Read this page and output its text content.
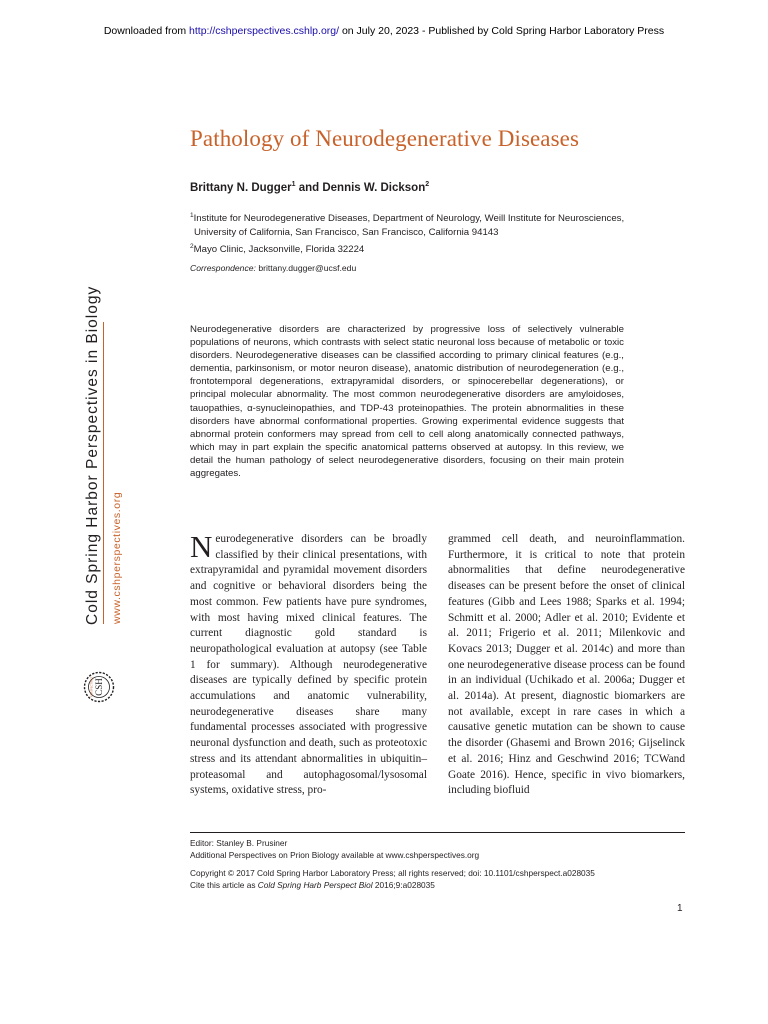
Downloaded from http://cshperspectives.cshlp.org/ on July 20, 2023 - Published by Cold Spring Harbor Laboratory Press
Cold Spring Harbor Perspectives in Biology www.cshperspectives.org
CSH
PERSPECTIVES
Pathology of Neurodegenerative Diseases
Brittany N. Dugger$^1$ and Dennis W. Dickson$^2$
$^1$Institute for Neurodegenerative Diseases, Department of Neurology, Weill Institute for Neurosciences,
University of California, San Francisco, San Francisco, California 94143
$^2$Mayo Clinic, Jacksonville, Florida 32224
Correspondence: brittany.dugger@ucsf.edu
Neurodegenerative disorders are characterized by progressive loss of selectively vulnerable populations of neurons, which contrasts with select static neuronal loss because of metabolic or toxic disorders. Neurodegenerative diseases can be classified according to primary clinical features (e.g., dementia, parkinsonism, or motor neuron disease), anatomic distribution of neurodegeneration (e.g., frontotemporal degenerations, extrapyramidal disorders, or spinocerebellar degenerations), or principal molecular abnormality. The most common neurodegenerative disorders are amyloidoses, tauopathies, α-synucleinopathies, and TDP-43 proteinopathies. The protein abnormalities in these disorders have abnormal conformational properties. Growing experimental evidence suggests that abnormal protein conformers may spread from cell to cell along anatomically connected pathways, which may in part explain the specific anatomical patterns observed at autopsy. In this review, we detail the human pathology of select neurodegenerative disorders, focusing on their main protein aggregates.
Neurodegenerative disorders can be broadly classified by their clinical presentations, with extrapyramidal and pyramidal movement disorders and cognitive or behavioral disorders being the most common. Few patients have pure syndromes, with most having mixed clinical features. The current diagnostic gold standard is neuropathological evaluation at autopsy (see Table 1 for summary). Although neurodegenerative diseases are typically defined by specific protein accumulations and anatomic vulnerability, neurodegenerative diseases share many fundamental processes associated with progressive neuronal dysfunction and death, such as proteotoxic stress and its attendant abnormalities in ubiquitin–proteasomal and autophagosomal/lysosomal systems, oxidative stress, pro-
grammed cell death, and neuroinflammation. Furthermore, it is critical to note that protein abnormalities that define neurodegenerative diseases can be present before the onset of clinical features (Gibb and Lees 1988; Sparks et al. 1994; Schmitt et al. 2000; Adler et al. 2010; Evidente et al. 2011; Frigerio et al. 2011; Milenkovic and Kovacs 2013; Dugger et al. 2014c) and more than one neurodegenerative disease process can be found in an individual (Uchikado et al. 2006a; Dugger et al. 2014a). At present, diagnostic biomarkers are not available, except in rare cases in which a causative genetic mutation can be shown to cause the disorder (Ghasemi and Brown 2016; Gijselinck et al. 2016; Hinz and Geschwind 2016; TCWand Goate 2016). Hence, specific in vivo biomarkers, including biofluid
Editor: Stanley B. Prusiner
Additional Perspectives on Prion Biology available at www.cshperspectives.org
Copyright © 2017 Cold Spring Harbor Laboratory Press; all rights reserved; doi: 10.1101/cshperspect.a028035
Cite this article as Cold Spring Harb Perspect Biol 2016;9:a028035
1
